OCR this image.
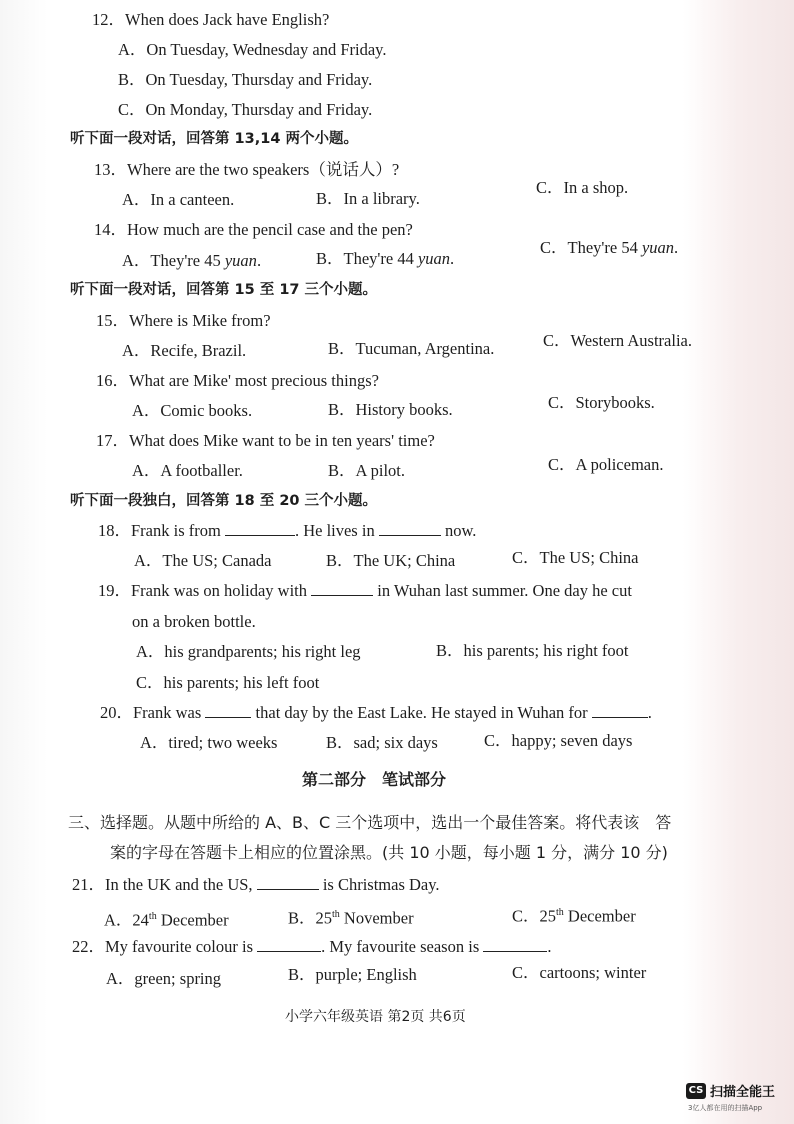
12．When does Jack have English?
A．On Tuesday, Wednesday and Friday.
B．On Tuesday, Thursday and Friday.
C．On Monday, Thursday and Friday.
听下面一段对话，回答第 13,14 两个小题。
13．Where are the two speakers（说话人）?
A．In a canteen.	B．In a library.
C．In a shop.
14．How much are the pencil case and the pen?
A．They're 45 yuan.	B．They're 44 yuan.
C．They're 54 yuan.
听下面一段对话，回答第 15 至 17 三个小题。
15．Where is Mike from?
A．Recife, Brazil.	B．Tucuman, Argentina.	C．Western Australia.
16．What are Mike' most precious things?
A．Comic books.	B．History books.	C．Storybooks.
17．What does Mike want to be in ten years' time?
A．A footballer.	B．A pilot.	C．A policeman.
听下面一段独白，回答第 18 至 20 三个小题。
18．Frank is from	. He lives in	now.
A．The US; Canada	B．The UK; China	C．The US; China
19．Frank was on holiday with	in Wuhan last summer. One day he cut
on a broken bottle.
A．his grandparents; his right leg	B．his parents; his right foot
C．his parents; his left foot
20．Frank was	that day by the East Lake. He stayed in Wuhan for	.
A．tired; two weeks	B．sad; six days	C．happy; seven days
第二部分　笔试部分
三、选择题。从题中所给的 A、B、C 三个选项中，选出一个最佳答案。将代表该　答
案的字母在答题卡上相应的位置涂黑。(共 10 小题，每小题 1 分，满分 10 分)
21．In the UK and the US,	is Christmas Day.
A．24th December	B．25th November	C．25th December
22．My favourite colour is	. My favourite season is	.
A．green; spring	B．purple; English	C．cartoons; winter
小学六年级英语 第2页 共6页
CS 扫描全能王
3亿人都在用的扫描App
